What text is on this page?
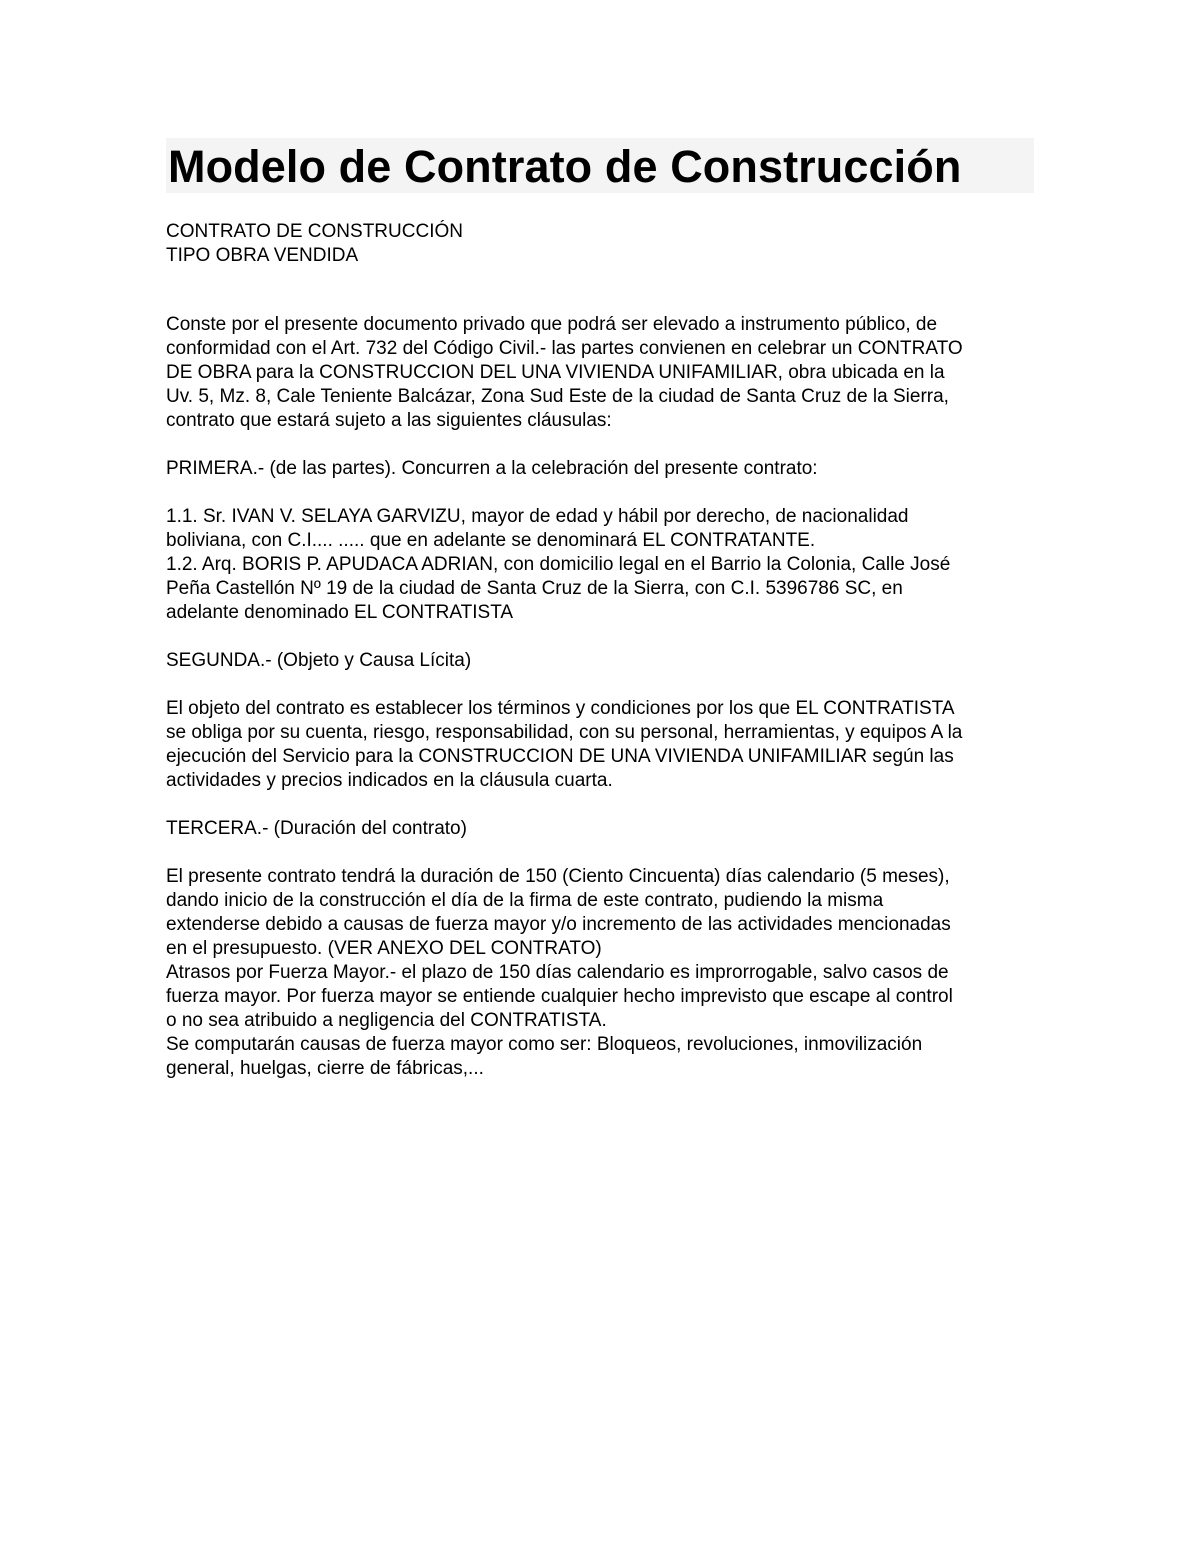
Modelo de Contrato de Construcción
CONTRATO DE CONSTRUCCIÓN
TIPO OBRA VENDIDA

Conste por el presente documento privado que podrá ser elevado a instrumento público, de
conformidad con el Art. 732 del Código Civil.- las partes convienen en celebrar un CONTRATO
DE OBRA para la CONSTRUCCION DEL UNA VIVIENDA UNIFAMILIAR, obra ubicada en la
Uv. 5, Mz. 8, Cale Teniente Balcázar, Zona Sud Este de la ciudad de Santa Cruz de la Sierra,
contrato que estará sujeto a las siguientes cláusulas:

PRIMERA.- (de las partes). Concurren a la celebración del presente contrato:

1.1. Sr. IVAN V. SELAYA GARVIZU, mayor de edad y hábil por derecho, de nacionalidad
boliviana, con C.I.... ..... que en adelante se denominará EL CONTRATANTE.
1.2. Arq. BORIS P. APUDACA ADRIAN, con domicilio legal en el Barrio la Colonia, Calle José
Peña Castellón Nº 19 de la ciudad de Santa Cruz de la Sierra, con C.I. 5396786 SC, en
adelante denominado EL CONTRATISTA

SEGUNDA.- (Objeto y Causa Lícita)

El objeto del contrato es establecer los términos y condiciones por los que EL CONTRATISTA
se obliga por su cuenta, riesgo, responsabilidad, con su personal, herramientas, y equipos A la
ejecución del Servicio para la CONSTRUCCION DE UNA VIVIENDA UNIFAMILIAR según las
actividades y precios indicados en la cláusula cuarta.

TERCERA.- (Duración del contrato)

El presente contrato tendrá la duración de 150 (Ciento Cincuenta) días calendario (5 meses),
dando inicio de la construcción el día de la firma de este contrato, pudiendo la misma
extenderse debido a causas de fuerza mayor y/o incremento de las actividades mencionadas
en el presupuesto. (VER ANEXO DEL CONTRATO)
Atrasos por Fuerza Mayor.- el plazo de 150 días calendario es improrrogable, salvo casos de
fuerza mayor. Por fuerza mayor se entiende cualquier hecho imprevisto que escape al control
o no sea atribuido a negligencia del CONTRATISTA.
Se computarán causas de fuerza mayor como ser: Bloqueos, revoluciones, inmovilización
general, huelgas, cierre de fábricas,...
